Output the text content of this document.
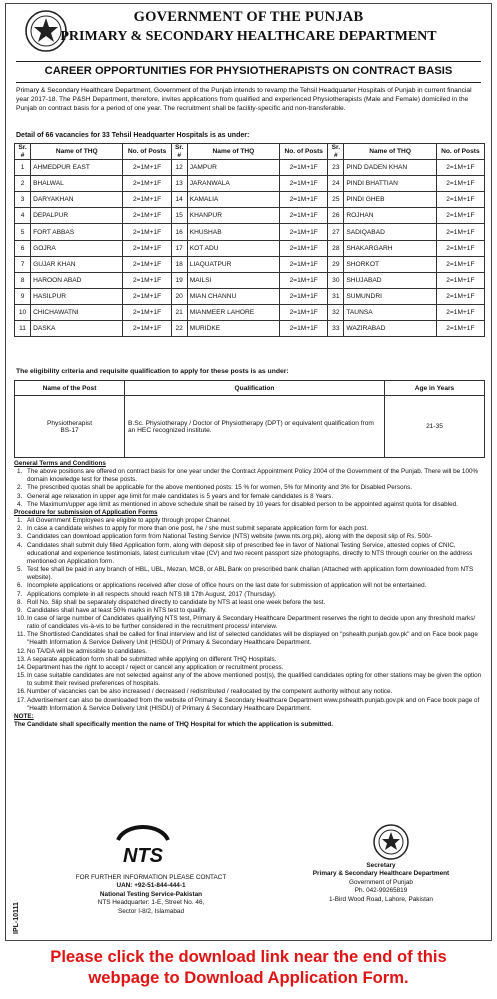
GOVERNMENT OF THE PUNJAB
PRIMARY & SECONDARY HEALTHCARE DEPARTMENT
CAREER OPPORTUNITIES FOR PHYSIOTHERAPISTS ON CONTRACT BASIS
Primary & Secondary Healthcare Department, Government of the Punjab intends to revamp the Tehsil Headquarter Hospitals of Punjab in current financial year 2017-18. The P&SH Department, therefore, invites applications from qualified and experienced Physiotherapists (Male and Female) domiciled in the Punjab on contract basis for a period of one year. The recruitment shall be facility-specific and non-transferable.
Detail of 66 vacancies for 33 Tehsil Headquarter Hospitals is as under:
Sr. #	Name of THQ	No. of Posts	Sr. #	Name of THQ	No. of Posts	Sr. #	Name of THQ	No. of Posts
1	AHMEDPUR EAST	2=1M+1F	12	JAMPUR	2=1M+1F	23	PIND DADEN KHAN	2=1M+1F
2	BHALWAL	2=1M+1F	13	JARANWALA	2=1M+1F	24	PINDI BHATTIAN	2=1M+1F
3	DARYAKHAN	2=1M+1F	14	KAMALIA	2=1M+1F	25	PINDI GHEB	2=1M+1F
4	DEPALPUR	2=1M+1F	15	KHANPUR	2=1M+1F	26	ROJHAN	2=1M+1F
5	FORT ABBAS	2=1M+1F	16	KHUSHAB	2=1M+1F	27	SADIQABAD	2=1M+1F
6	GOJRA	2=1M+1F	17	KOT ADU	2=1M+1F	28	SHAKARGARH	2=1M+1F
7	GUJAR KHAN	2=1M+1F	18	LIAQUATPUR	2=1M+1F	29	SHORKOT	2=1M+1F
8	HAROON ABAD	2=1M+1F	19	MAILSI	2=1M+1F	30	SHUJABAD	2=1M+1F
9	HASILPUR	2=1M+1F	20	MIAN CHANNU	2=1M+1F	31	SUMUNDRI	2=1M+1F
10	CHICHAWATNI	2=1M+1F	21	MIANMEER LAHORE	2=1M+1F	32	TAUNSA	2=1M+1F
11	DASKA	2=1M+1F	22	MURIDKE	2=1M+1F	33	WAZIRABAD	2=1M+1F
The eligibility criteria and requisite qualification to apply for these posts is as under:
Name of the Post	Qualification	Age in Years
Physiotherapist
BS-17	B.Sc. Physiotherapy / Doctor of Physiotherapy (DPT) or equivalent qualification from an HEC recognized institute.	21-35
General Terms and Conditions
1. The above positions are offered on contract basis for one year under the Contract Appointment Policy 2004 of the Government of the Punjab. There will be 100% domain knowledge test for these posts.
2. The prescribed quotas shall be applicable for the above mentioned posts: 15 % for women, 5% for Minority and 3% for Disabled Persons.
3. General age relaxation in upper age limit for male candidates is 5 years and for female candidates is 8 Years.
4. The Maximum/upper age limit as mentioned in above schedule shall be raised by 10 years for disabled person to be appointed against quota for disabled.
Procedure for submission of Application Forms
1. All Government Employees are eligible to apply through proper Channel.
2. In case a candidate wishes to apply for more than one post, he / she must submit separate application form for each post.
3. Candidates can download application form from National Testing Service (NTS) website (www.nts.org.pk), along with the deposit slip of Rs. 500/-
4. Candidates shall submit duly filled Application form, along with deposit slip of prescribed fee in favor of National Testing Service, attested copies of CNIC, educational and experience testimonials, latest curriculum vitae (CV) and two recent passport size photographs, directly to NTS through courier on the address mentioned on Application form.
5. Test fee shall be paid in any branch of HBL, UBL, Mezan, MCB, or ABL Bank on prescribed bank challan (Attached with application form downloaded from NTS website).
6. Incomplete applications or applications received after close of office hours on the last date for submission of application will not be entertained.
7. Applications complete in all respects should reach NTS till 17th August, 2017 (Thursday).
8. Roll No. Slip shall be separately dispatched directly to candidate by NTS at least one week before the test.
9. Candidates shall have at least 50% marks in NTS test to qualify.
10. In case of large number of Candidates qualifying NTS test, Primary & Secondary Healthcare Department reserves the right to decide upon any threshold marks/ ratio of candidates vis-à-vis to be further considered in the recruitment process/ interview.
11. The Shortlisted Candidates shall be called for final interview and list of selected candidates will be displayed on "pshealth.punjab.gov.pk" and on Face book page "Health Information & Service Delivery Unit (HISDU) of Primary & Secondary Healthcare Department.
12. No TA/DA will be admissible to candidates.
13. A separate application form shall be submitted while applying on different THQ Hospitals.
14. Department has the right to accept / reject or cancel any application or recruitment process.
15. In case suitable candidates are not selected against any of the above mentioned post(s), the qualified candidates opting for other stations may be given the option to submit their revised preferences of hospitals.
16. Number of vacancies can be also increased / decreased / redistributed / reallocated by the competent authority without any notice.
17. Advertisement can also be downloaded from the website of Primary & Secondary Healthcare Department www.pshealth.punjab.gov.pk and on Face book page of "Health Information & Service Delivery Unit (HISDU) of Primary & Secondary Healthcare Department.
NOTE:
The Candidate shall specifically mention the name of THQ Hospital for which the application is submitted.
NTS
FOR FURTHER INFORMATION PLEASE CONTACT
UAN: +92-51-844-444-1
National Testing Service-Pakistan
NTS Headquarter: 1-E, Street No. 46,
Sector I-8/2, Islamabad
Secretary
Primary & Secondary Healthcare Department
Government of Punjab
Ph. 042-99265819
1-Bird Wood Road, Lahore, Pakistan
IPL-10111
Please click the download link near the end of this
webpage to Download Application Form.
